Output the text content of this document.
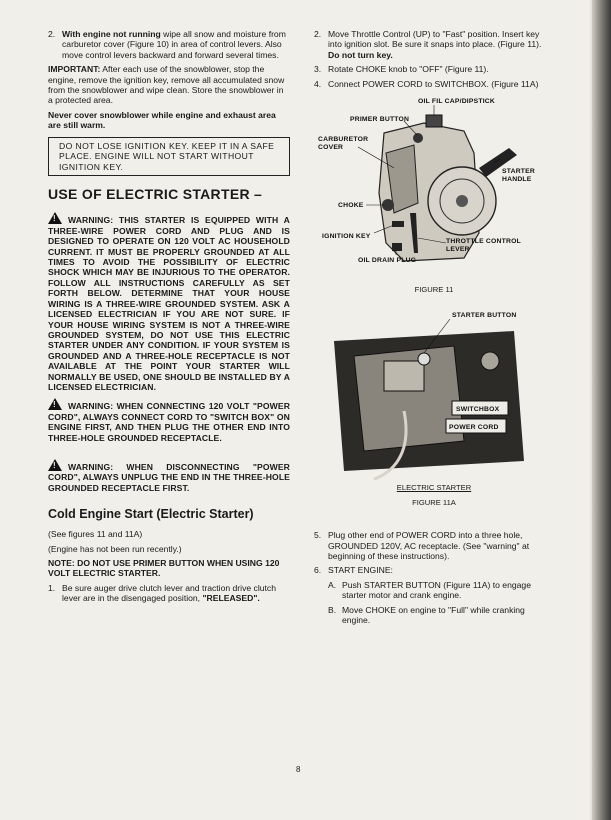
2. With engine not running wipe all snow and moisture from carburetor cover (Figure 10) in area of control levers. Also move control levers backward and forward several times.

IMPORTANT: After each use of the snowblower, stop the engine, remove the ignition key, remove all accumulated snow from the snowblower and wipe clean. Store the snowblower in a protected area.

Never cover snowblower while engine and exhaust area are still warm.

DO NOT LOSE IGNITION KEY. KEEP IT IN A SAFE PLACE. ENGINE WILL NOT START WITHOUT IGNITION KEY.
USE OF ELECTRIC STARTER –
!WARNING: THIS STARTER IS EQUIPPED WITH A THREE-WIRE POWER CORD AND PLUG AND IS DESIGNED TO OPERATE ON 120 VOLT AC HOUSEHOLD CURRENT. IT MUST BE PROPERLY GROUNDED AT ALL TIMES TO AVOID THE POSSIBILITY OF ELECTRIC SHOCK WHICH MAY BE INJURIOUS TO THE OPERATOR. FOLLOW ALL INSTRUCTIONS CAREFULLY AS SET FORTH BELOW. DETERMINE THAT YOUR HOUSE WIRING IS A THREE-WIRE GROUNDED SYSTEM. ASK A LICENSED ELECTRICIAN IF YOU ARE NOT SURE. IF YOUR HOUSE WIRING SYSTEM IS NOT A THREE-WIRE GROUNDED SYSTEM, DO NOT USE THIS ELECTRIC STARTER UNDER ANY CONDITION. IF YOUR SYSTEM IS GROUNDED AND A THREE-HOLE RECEPTACLE IS NOT AVAILABLE AT THE POINT YOUR STARTER WILL NORMALLY BE USED, ONE SHOULD BE INSTALLED BY A LICENSED ELECTRICIAN.
!WARNING: WHEN CONNECTING 120 VOLT "POWER CORD", ALWAYS CONNECT CORD TO "SWITCH BOX" ON ENGINE FIRST, AND THEN PLUG THE OTHER END INTO THREE-HOLE GROUNDED RECEPTACLE.
!WARNING: WHEN DISCONNECTING "POWER CORD", ALWAYS UNPLUG THE END IN THE THREE-HOLE GROUNDED RECEPTACLE FIRST.
Cold Engine Start (Electric Starter)

(See figures 11 and 11A)

(Engine has not been run recently.)

NOTE: DO NOT USE PRIMER BUTTON WHEN USING 120 VOLT ELECTRIC STARTER.

1. Be sure auger drive clutch lever and traction drive clutch lever are in the disengaged position, "RELEASED".
2. Move Throttle Control (UP) to "Fast" position. Insert key into ignition slot. Be sure it snaps into place. (Figure 11). Do not turn key.
3. Rotate CHOKE knob to "OFF" (Figure 11).
4. Connect POWER CORD to SWITCHBOX. (Figure 11A)
OIL FIL CAP/DIPSTICK
PRIMER BUTTON
CARBURETOR
COVER
STARTER
HANDLE
CHOKE
IGNITION KEY
THROTTLE CONTROL
LEVER
OIL DRAIN PLUG
FIGURE 11
STARTER BUTTON
SWITCHBOX
POWER CORD
ELECTRIC STARTER
FIGURE 11A
5. Plug other end of POWER CORD into a three hole, GROUNDED 120V, AC receptacle. (See "warning" at beginning of these instructions).
6. START ENGINE:
A. Push STARTER BUTTON (Figure 11A) to engage starter motor and crank engine.
B. Move CHOKE on engine to "Full" while cranking engine.
8
